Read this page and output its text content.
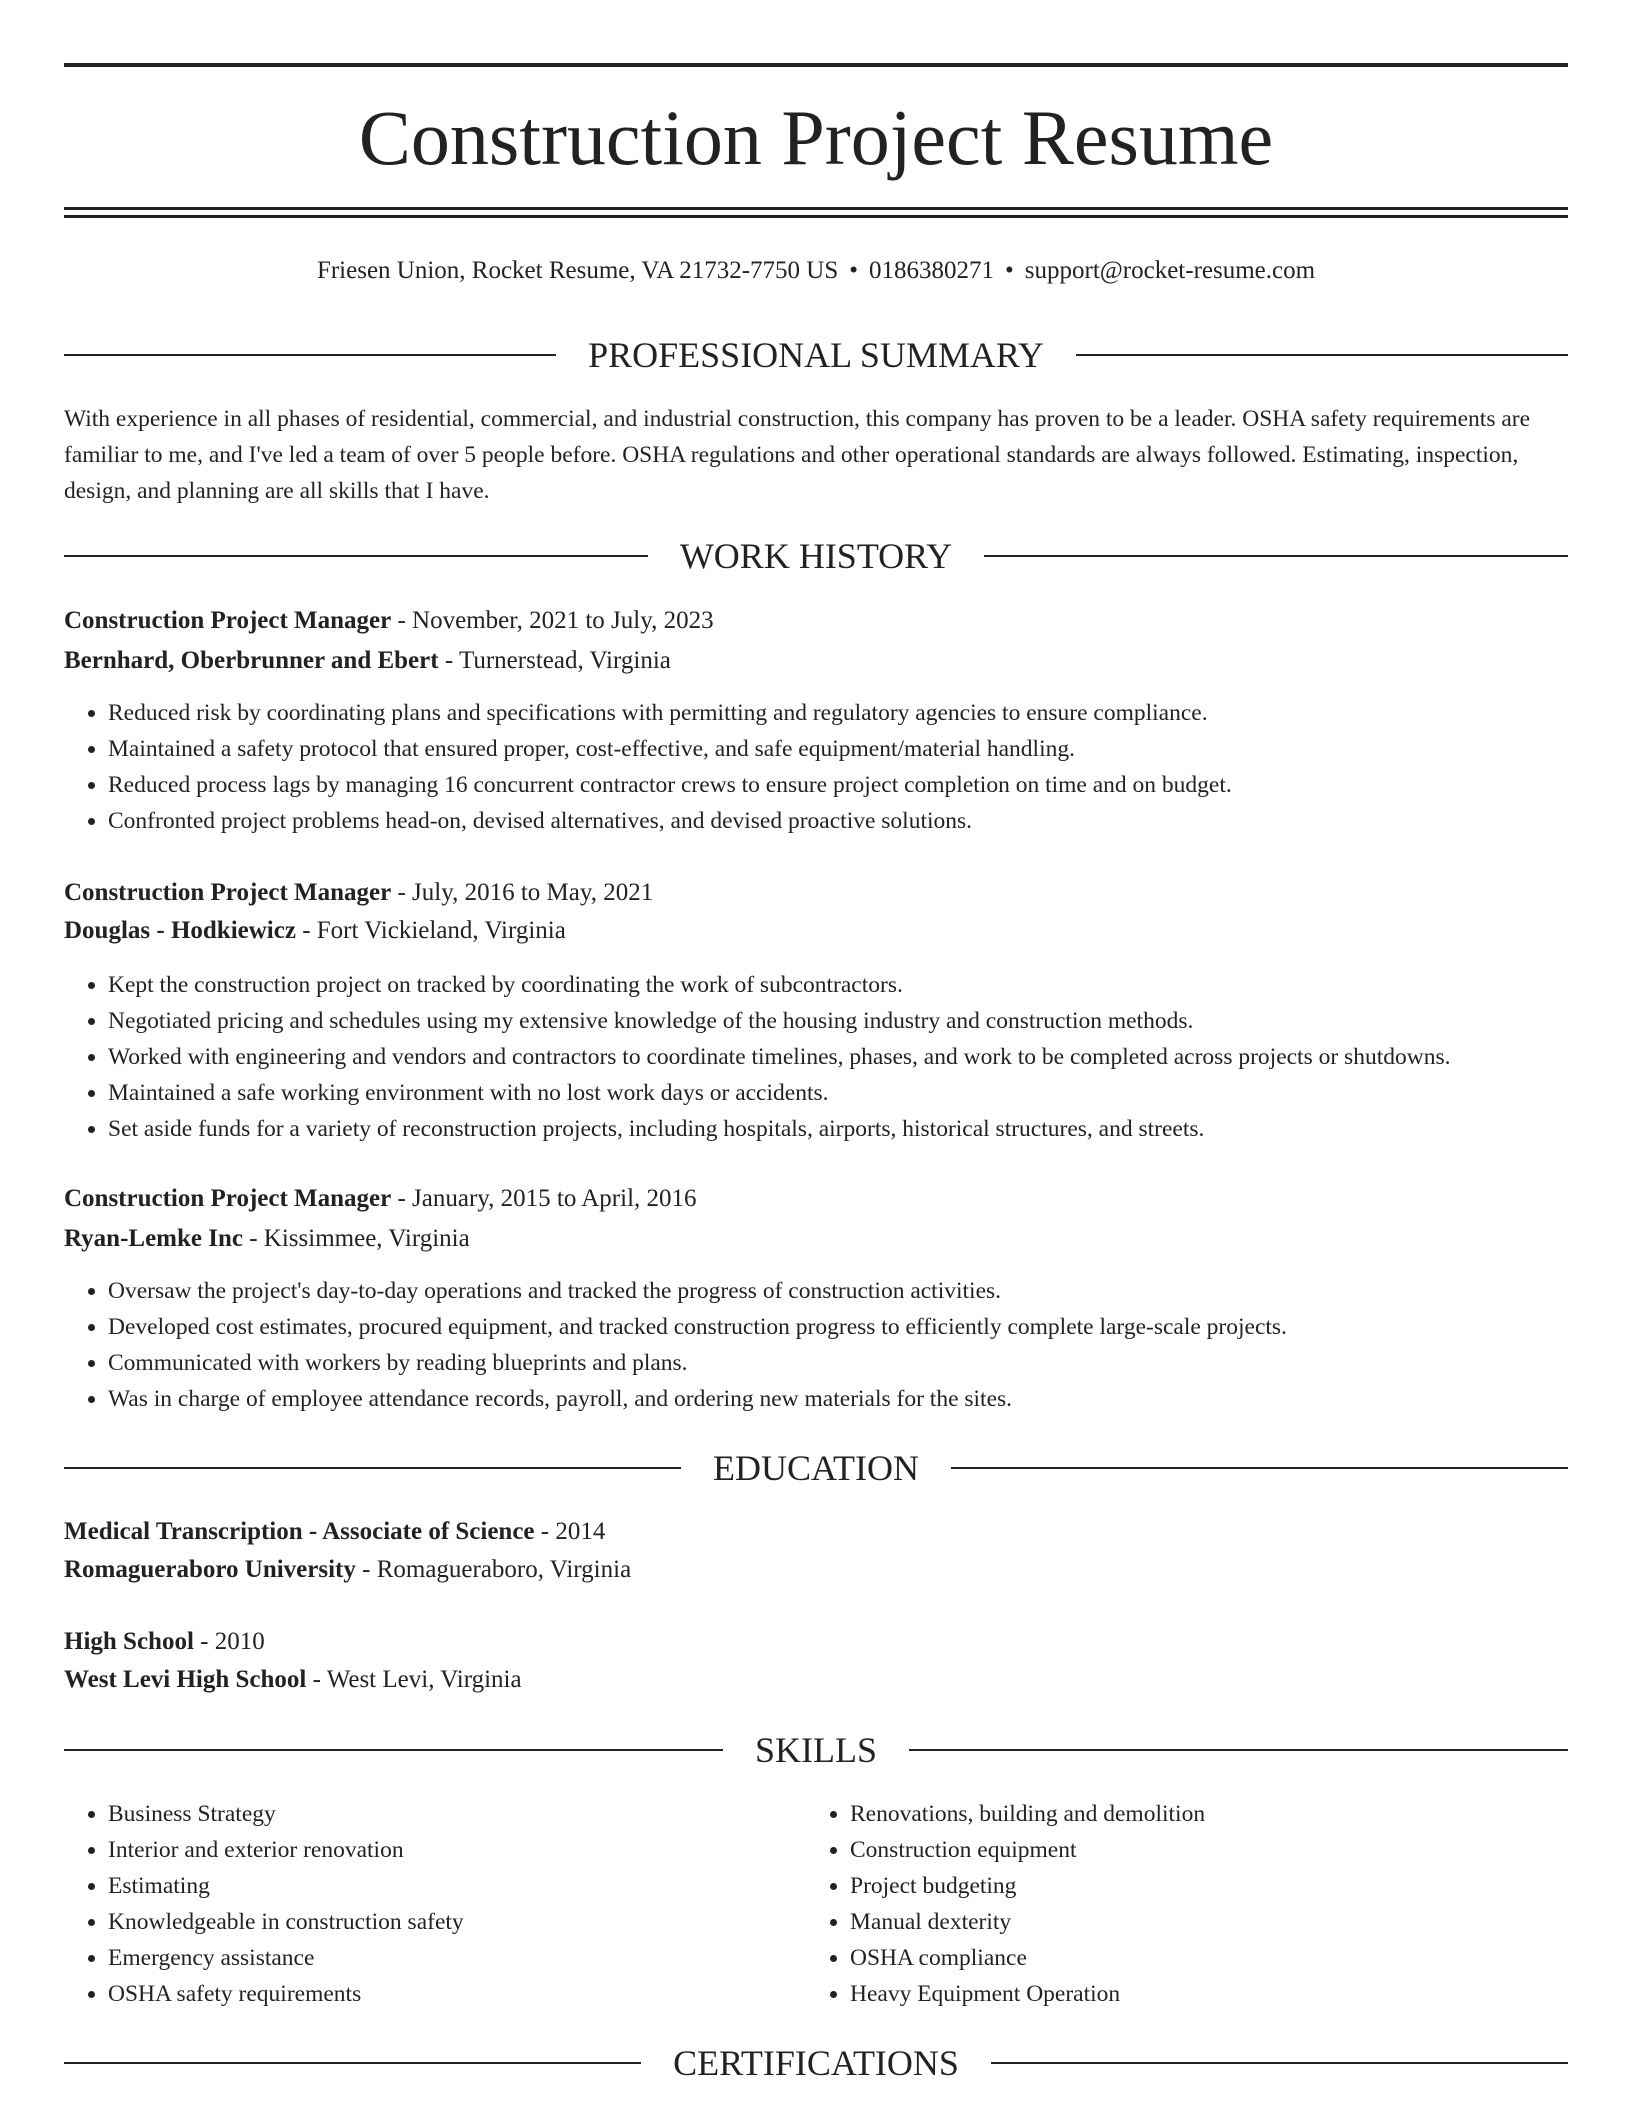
Construction Project Resume
Friesen Union, Rocket Resume, VA 21732-7750 US • 0186380271 • support@rocket-resume.com
PROFESSIONAL SUMMARY
With experience in all phases of residential, commercial, and industrial construction, this company has proven to be a leader. OSHA safety requirements are familiar to me, and I've led a team of over 5 people before. OSHA regulations and other operational standards are always followed. Estimating, inspection, design, and planning are all skills that I have.
WORK HISTORY
Construction Project Manager - November, 2021 to July, 2023
Bernhard, Oberbrunner and Ebert - Turnerstead, Virginia
• Reduced risk by coordinating plans and specifications with permitting and regulatory agencies to ensure compliance.
• Maintained a safety protocol that ensured proper, cost-effective, and safe equipment/material handling.
• Reduced process lags by managing 16 concurrent contractor crews to ensure project completion on time and on budget.
• Confronted project problems head-on, devised alternatives, and devised proactive solutions.
Construction Project Manager - July, 2016 to May, 2021
Douglas - Hodkiewicz - Fort Vickieland, Virginia
• Kept the construction project on tracked by coordinating the work of subcontractors.
• Negotiated pricing and schedules using my extensive knowledge of the housing industry and construction methods.
• Worked with engineering and vendors and contractors to coordinate timelines, phases, and work to be completed across projects or shutdowns.
• Maintained a safe working environment with no lost work days or accidents.
• Set aside funds for a variety of reconstruction projects, including hospitals, airports, historical structures, and streets.
Construction Project Manager - January, 2015 to April, 2016
Ryan-Lemke Inc - Kissimmee, Virginia
• Oversaw the project's day-to-day operations and tracked the progress of construction activities.
• Developed cost estimates, procured equipment, and tracked construction progress to efficiently complete large-scale projects.
• Communicated with workers by reading blueprints and plans.
• Was in charge of employee attendance records, payroll, and ordering new materials for the sites.
EDUCATION
Medical Transcription - Associate of Science - 2014
Romagueraboro University - Romagueraboro, Virginia
High School - 2010
West Levi High School - West Levi, Virginia
SKILLS
• Business Strategy
• Interior and exterior renovation
• Estimating
• Knowledgeable in construction safety
• Emergency assistance
• OSHA safety requirements
• Renovations, building and demolition
• Construction equipment
• Project budgeting
• Manual dexterity
• OSHA compliance
• Heavy Equipment Operation
CERTIFICATIONS
